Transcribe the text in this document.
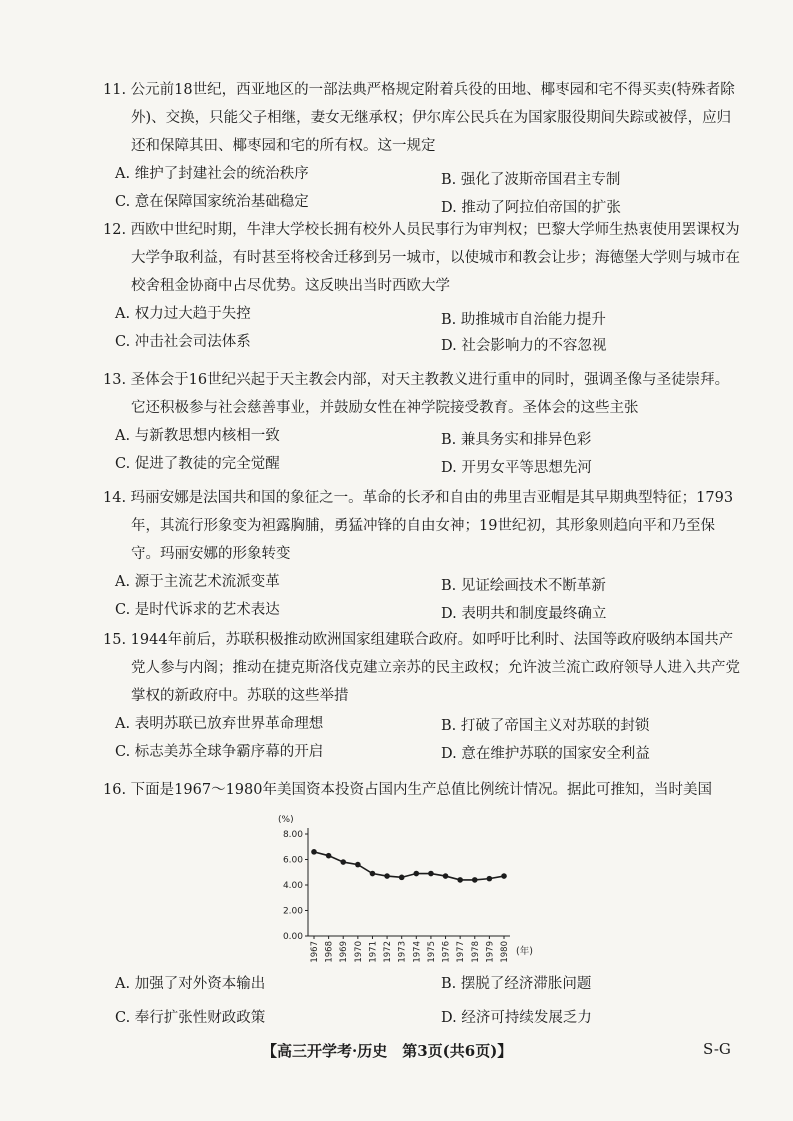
11. 公元前18世纪，西亚地区的一部法典严格规定附着兵役的田地、椰枣园和宅不得买卖(特殊者除外)、交换，只能父子相继，妻女无继承权；伊尔库公民兵在为国家服役期间失踪或被俘，应归还和保障其田、椰枣园和宅的所有权。这一规定

A. 维护了封建社会的统治秩序	B. 强化了波斯帝国君主专制
C. 意在保障国家统治基础稳定	D. 推动了阿拉伯帝国的扩张

12. 西欧中世纪时期，牛津大学校长拥有校外人员民事行为审判权；巴黎大学师生热衷使用罢课权为大学争取利益，有时甚至将校舍迁移到另一城市，以使城市和教会让步；海德堡大学则与城市在校舍租金协商中占尽优势。这反映出当时西欧大学

A. 权力过大趋于失控	B. 助推城市自治能力提升
C. 冲击社会司法体系	D. 社会影响力的不容忽视

13. 圣体会于16世纪兴起于天主教会内部，对天主教教义进行重申的同时，强调圣像与圣徒崇拜。它还积极参与社会慈善事业，并鼓励女性在神学院接受教育。圣体会的这些主张

A. 与新教思想内核相一致	B. 兼具务实和排异色彩
C. 促进了教徒的完全觉醒	D. 开男女平等思想先河

14. 玛丽安娜是法国共和国的象征之一。革命的长矛和自由的弗里吉亚帽是其早期典型特征；1793年，其流行形象变为袒露胸脯，勇猛冲锋的自由女神；19世纪初，其形象则趋向平和乃至保守。玛丽安娜的形象转变

A. 源于主流艺术流派变革	B. 见证绘画技术不断革新
C. 是时代诉求的艺术表达	D. 表明共和制度最终确立

15. 1944年前后，苏联积极推动欧洲国家组建联合政府。如呼吁比利时、法国等政府吸纳本国共产党人参与内阁；推动在捷克斯洛伐克建立亲苏的民主政权；允许波兰流亡政府领导人进入共产党掌权的新政府中。苏联的这些举措

A. 表明苏联已放弃世界革命理想	B. 打破了帝国主义对苏联的封锁
C. 标志美苏全球争霸序幕的开启	D. 意在维护苏联的国家安全利益

16. 下面是1967～1980年美国资本投资占国内生产总值比例统计情况。据此可推知，当时美国

(%)
0.00
2.00
4.00
6.00
8.00
1967 1968 1969 1970 1971 1972 1973 1974 1975 1976 1977 1978 1979 1980 (年)
A. 加强了对外资本输出	B. 摆脱了经济滞胀问题
C. 奉行扩张性财政政策	D. 经济可持续发展乏力
【高三开学考·历史　第3页(共6页)】	S-G
